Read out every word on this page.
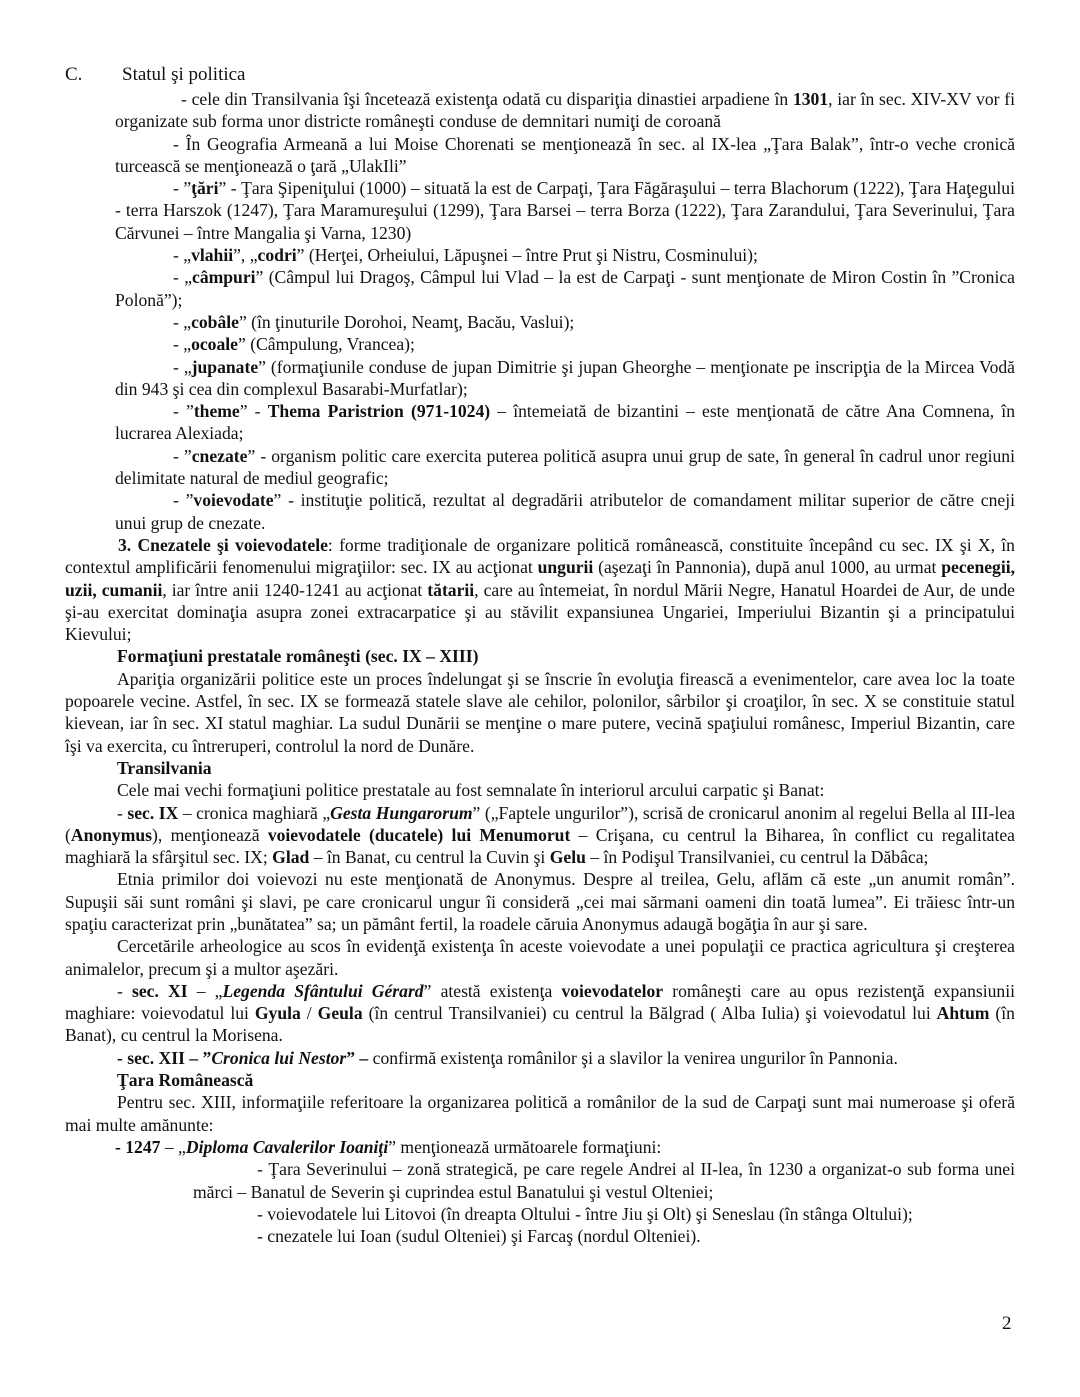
C. Statul şi politica

- cele din Transilvania îşi încetează existenţa odată cu dispariţia dinastiei arpadiene în 1301, iar în sec. XIV-XV vor fi organizate sub forma unor districte româneşti conduse de demnitari numiţi de coroană

- În Geografia Armeană a lui Moise Chorenati se menţionează în sec. al IX-lea „Ţara Balak”, într-o veche cronică turcească se menţionează o ţară „UlakIli”

- ”ţări” - Ţara Şipeniţului (1000) – situată la est de Carpaţi, Ţara Făgăraşului – terra Blachorum (1222), Ţara Haţegului - terra Harszok (1247), Ţara Maramureşului (1299), Ţara Barsei – terra Borza (1222), Ţara Zarandului, Ţara Severinului, Ţara Cărvunei – între Mangalia şi Varna, 1230)

- „vlahii”, „codri” (Herţei, Orheiului, Lăpuşnei – între Prut şi Nistru, Cosminului);

- „câmpuri” (Câmpul lui Dragoş, Câmpul lui Vlad – la est de Carpaţi - sunt menţionate de Miron Costin în ”Cronica Polonă”);

- „cobâle” (în ţinuturile Dorohoi, Neamţ, Bacău, Vaslui);

- „ocoale” (Câmpulung, Vrancea);

- „jupanate” (formaţiunile conduse de jupan Dimitrie şi jupan Gheorghe – menţionate pe inscripţia de la Mircea Vodă din 943 şi cea din complexul Basarabi-Murfatlar);

- ”theme” - Thema Paristrion (971-1024) – întemeiată de bizantini – este menţionată de către Ana Comnena, în lucrarea Alexiada;

- ”cnezate” - organism politic care exercita puterea politică asupra unui grup de sate, în general în cadrul unor regiuni delimitate natural de mediul geografic;

- ”voievodate” - instituţie politică, rezultat al degradării atributelor de comandament militar superior de către cneji unui grup de cnezate.

3. Cnezatele şi voievodatele: forme tradiţionale de organizare politică românească, constituite începând cu sec. IX şi X, în contextul amplificării fenomenului migraţiilor: sec. IX au acţionat ungurii (aşezaţi în Pannonia), după anul 1000, au urmat pecenegii, uzii, cumanii, iar între anii 1240-1241 au acţionat tătarii, care au întemeiat, în nordul Mării Negre, Hanatul Hoardei de Aur, de unde şi-au exercitat dominaţia asupra zonei extracarpatice şi au stăvilit expansiunea Ungariei, Imperiului Bizantin şi a principatului Kievului;

Formaţiuni prestatale româneşti (sec. IX – XIII)

Apariţia organizării politice este un proces îndelungat şi se înscrie în evoluţia firească a evenimentelor, care avea loc la toate popoarele vecine. Astfel, în sec. IX se formează statele slave ale cehilor, polonilor, sârbilor şi croaţilor, în sec. X se constituie statul kievean, iar în sec. XI statul maghiar. La sudul Dunării se menţine o mare putere, vecină spaţiului românesc, Imperiul Bizantin, care îşi va exercita, cu întreruperi, controlul la nord de Dunăre.

Transilvania

Cele mai vechi formaţiuni politice prestatale au fost semnalate în interiorul arcului carpatic şi Banat:

- sec. IX – cronica maghiară „Gesta Hungarorum” („Faptele ungurilor”), scrisă de cronicarul anonim al regelui Bella al III-lea (Anonymus), menţionează voievodatele (ducatele) lui Menumorut – Crişana, cu centrul la Biharea, în conflict cu regalitatea maghiară la sfârşitul sec. IX; Glad – în Banat, cu centrul la Cuvin şi Gelu – în Podişul Transilvaniei, cu centrul la Dăbâca;

Etnia primilor doi voievozi nu este menţionată de Anonymus. Despre al treilea, Gelu, aflăm că este „un anumit român”. Supuşii săi sunt români şi slavi, pe care cronicarul ungur îi consideră „cei mai sărmani oameni din toată lumea”. Ei trăiesc într-un spaţiu caracterizat prin „bunătatea” sa; un pământ fertil, la roadele căruia Anonymus adaugă bogăţia în aur şi sare.

Cercetările arheologice au scos în evidenţă existenţa în aceste voievodate a unei populaţii ce practica agricultura şi creşterea animalelor, precum şi a multor aşezări.

- sec. XI – „Legenda Sfântului Gérard” atestă existenţa voievodatelor româneşti care au opus rezistenţă expansiunii maghiare: voievodatul lui Gyula / Geula (în centrul Transilvaniei) cu centrul la Bălgrad ( Alba Iulia) şi voievodatul lui Ahtum (în Banat), cu centrul la Morisena.

- sec. XII – ”Cronica lui Nestor” – confirmă existenţa românilor şi a slavilor la venirea ungurilor în Pannonia.

Ţara Românească

Pentru sec. XIII, informaţiile referitoare la organizarea politică a românilor de la sud de Carpaţi sunt mai numeroase şi oferă mai multe amănunte:

- 1247 – „Diploma Cavalerilor Ioaniţi” menţionează următoarele formaţiuni:

- Ţara Severinului – zonă strategică, pe care regele Andrei al II-lea, în 1230 a organizat-o sub forma unei mărci – Banatul de Severin şi cuprindea estul Banatului şi vestul Olteniei;

- voievodatele lui Litovoi (în dreapta Oltului - între Jiu şi Olt) şi Seneslau (în stânga Oltului);

- cnezatele lui Ioan (sudul Olteniei) şi Farcaş (nordul Olteniei).

2
